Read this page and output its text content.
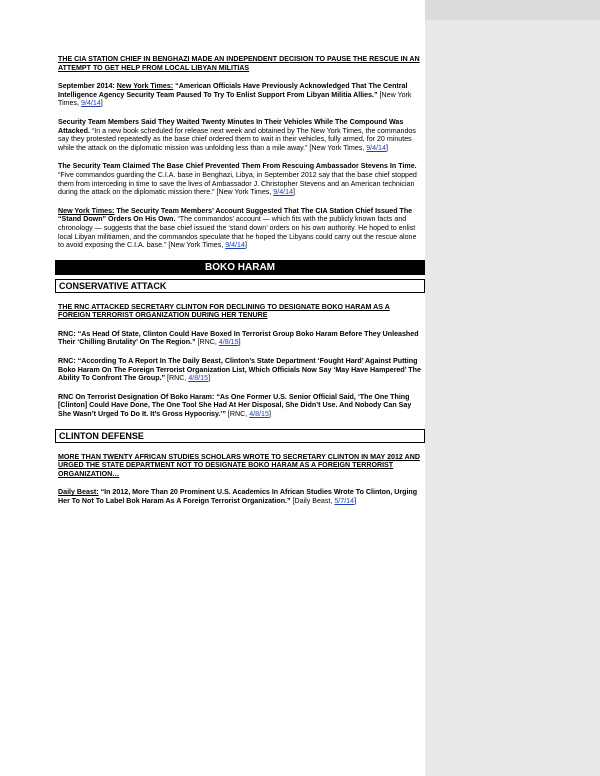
THE CIA STATION CHIEF IN BENGHAZI MADE AN INDEPENDENT DECISION TO PAUSE THE RESCUE IN AN ATTEMPT TO GET HELP FROM LOCAL LIBYAN MILITIAS

September 2014: New York Times: “American Officials Have Previously Acknowledged That The Central Intelligence Agency Security Team Paused To Try To Enlist Support From Libyan Militia Allies.” [New York Times, 9/4/14]

Security Team Members Said They Waited Twenty Minutes In Their Vehicles While The Compound Was Attacked. “In a new book scheduled for release next week and obtained by The New York Times, the commandos say they protested repeatedly as the base chief ordered them to wait in their vehicles, fully armed, for 20 minutes while the attack on the diplomatic mission was unfolding less than a mile away.” [New York Times, 9/4/14]

The Security Team Claimed The Base Chief Prevented Them From Rescuing Ambassador Stevens In Time. “Five commandos guarding the C.I.A. base in Benghazi, Libya, in September 2012 say that the base chief stopped them from interceding in time to save the lives of Ambassador J. Christopher Stevens and an American technician during the attack on the diplomatic mission there.” [New York Times, 9/4/14]

New York Times: The Security Team Members’ Account Suggested That The CIA Station Chief Issued The “Stand Down” Orders On His Own. “The commandos’ account — which fits with the publicly known facts and chronology — suggests that the base chief issued the ‘stand down’ orders on his own authority. He hoped to enlist local Libyan militiamen, and the commandos speculate that he hoped the Libyans could carry out the rescue alone to avoid exposing the C.I.A. base.” [New York Times, 9/4/14]

BOKO HARAM
CONSERVATIVE ATTACK

THE RNC ATTACKED SECRETARY CLINTON FOR DECLINING TO DESIGNATE BOKO HARAM AS A FOREIGN TERRORIST ORGANIZATION DURING HER TENURE

RNC: “As Head Of State, Clinton Could Have Boxed In Terrorist Group Boko Haram Before They Unleashed Their ‘Chilling Brutality’ On The Region.” [RNC, 4/8/15]

RNC: “According To A Report In The Daily Beast, Clinton’s State Department ‘Fought Hard’ Against Putting Boko Haram On The Foreign Terrorist Organization List, Which Officials Now Say ‘May Have Hampered’ The Ability To Confront The Group.” [RNC, 4/8/15]

RNC On Terrorist Designation Of Boko Haram: “As One Former U.S. Senior Official Said, ‘The One Thing [Clinton] Could Have Done, The One Tool She Had At Her Disposal, She Didn’t Use. And Nobody Can Say She Wasn’t Urged To Do It. It’s Gross Hypocrisy.’” [RNC, 4/8/15]

CLINTON DEFENSE

MORE THAN TWENTY AFRICAN STUDIES SCHOLARS WROTE TO SECRETARY CLINTON IN MAY 2012 AND URGED THE STATE DEPARTMENT NOT TO DESIGNATE BOKO HARAM AS A FOREIGN TERRORIST ORGANIZATION…

Daily Beast: “In 2012, More Than 20 Prominent U.S. Academics In African Studies Wrote To Clinton, Urging Her To Not To Label Bok Haram As A Foreign Terrorist Organization.” [Daily Beast, 5/7/14]
